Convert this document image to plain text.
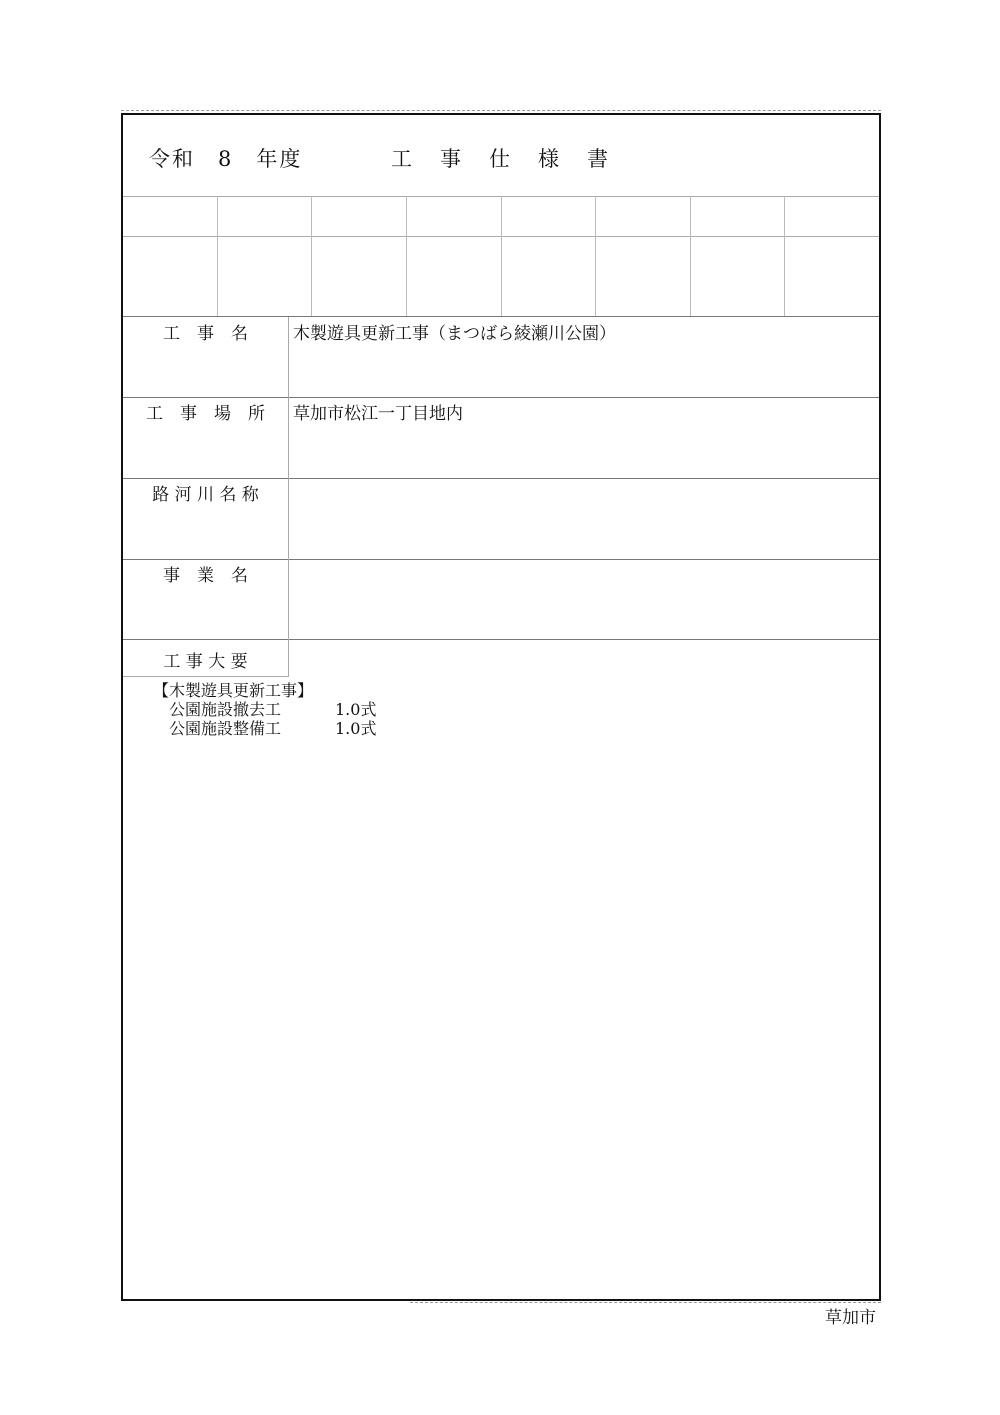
令和　8　年度	工事仕様書
工　事　名	木製遊具更新工事（まつばら綾瀬川公園）
工　事　場　所	草加市松江一丁目地内
路 河 川 名 称
事　業　名
工 事 大 要
【木製遊具更新工事】
公園施設撤去工	1.0式
公園施設整備工	1.0式
草加市
